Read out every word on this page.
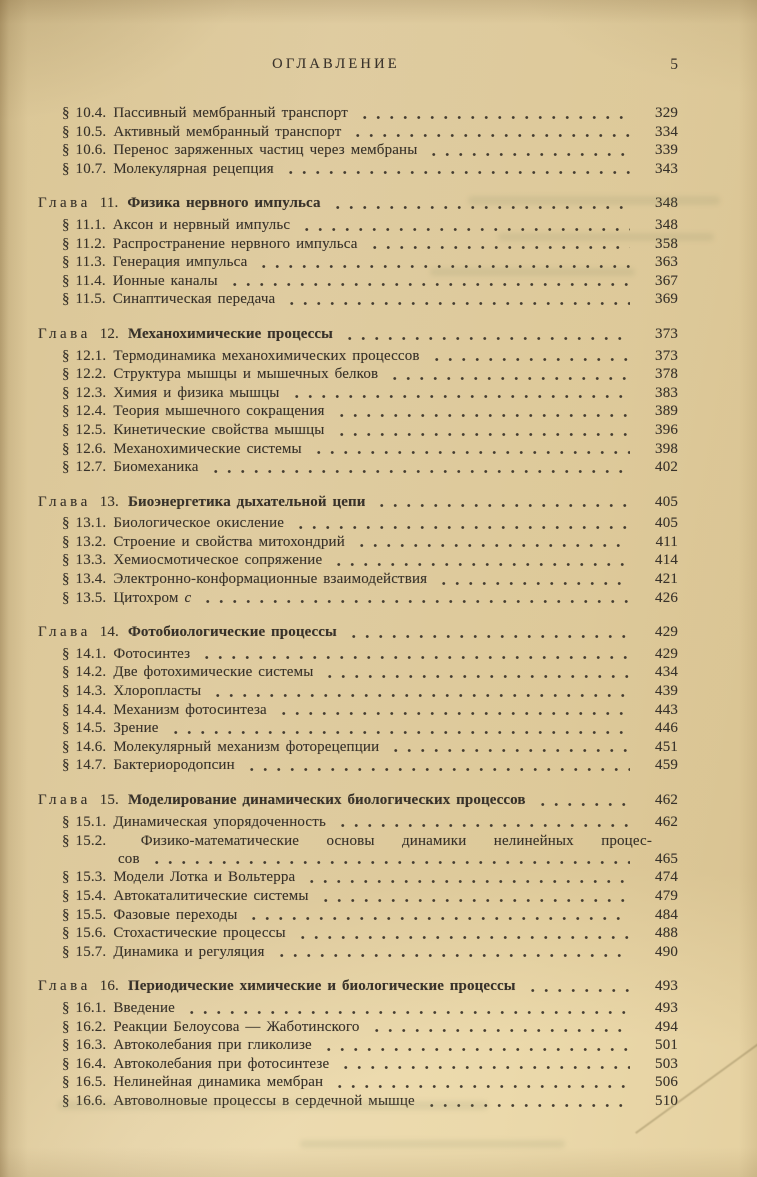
ОГЛАВЛЕНИЕ	5
§ 10.4. Пассивный мембранный транспорт	329
§ 10.5. Активный мембранный транспорт	334
§ 10.6. Перенос заряженных частиц через мембраны	339
§ 10.7. Молекулярная рецепция	343
Глава 11. Физика нервного импульса	348
§ 11.1. Аксон и нервный импульс	348
§ 11.2. Распространение нервного импульса	358
§ 11.3. Генерация импульса	363
§ 11.4. Ионные каналы	367
§ 11.5. Синаптическая передача	369
Глава 12. Механохимические процессы	373
§ 12.1. Термодинамика механохимических процессов	373
§ 12.2. Структура мышцы и мышечных белков	378
§ 12.3. Химия и физика мышцы	383
§ 12.4. Теория мышечного сокращения	389
§ 12.5. Кинетические свойства мышцы	396
§ 12.6. Механохимические системы	398
§ 12.7. Биомеханика	402
Глава 13. Биоэнергетика дыхательной цепи	405
§ 13.1. Биологическое окисление	405
§ 13.2. Строение и свойства митохондрий	411
§ 13.3. Хемиосмотическое сопряжение	414
§ 13.4. Электронно-конформационные взаимодействия	421
§ 13.5. Цитохром c	426
Глава 14. Фотобиологические процессы	429
§ 14.1. Фотосинтез	429
§ 14.2. Две фотохимические системы	434
§ 14.3. Хлоропласты	439
§ 14.4. Механизм фотосинтеза	443
§ 14.5. Зрение	446
§ 14.6. Молекулярный механизм фоторецепции	451
§ 14.7. Бактериородопсин	459
Глава 15. Моделирование динамических биологических процессов	462
§ 15.1. Динамическая упорядоченность	462
§ 15.2. Физико-математические основы динамики нелинейных процес-
сов	465
§ 15.3. Модели Лотка и Вольтерра	474
§ 15.4. Автокаталитические системы	479
§ 15.5. Фазовые переходы	484
§ 15.6. Стохастические процессы	488
§ 15.7. Динамика и регуляция	490
Глава 16. Периодические химические и биологические процессы	493
§ 16.1. Введение	493
§ 16.2. Реакции Белоусова — Жаботинского	494
§ 16.3. Автоколебания при гликолизе	501
§ 16.4. Автоколебания при фотосинтезе	503
§ 16.5. Нелинейная динамика мембран	506
§ 16.6. Автоволновые процессы в сердечной мышце	510
